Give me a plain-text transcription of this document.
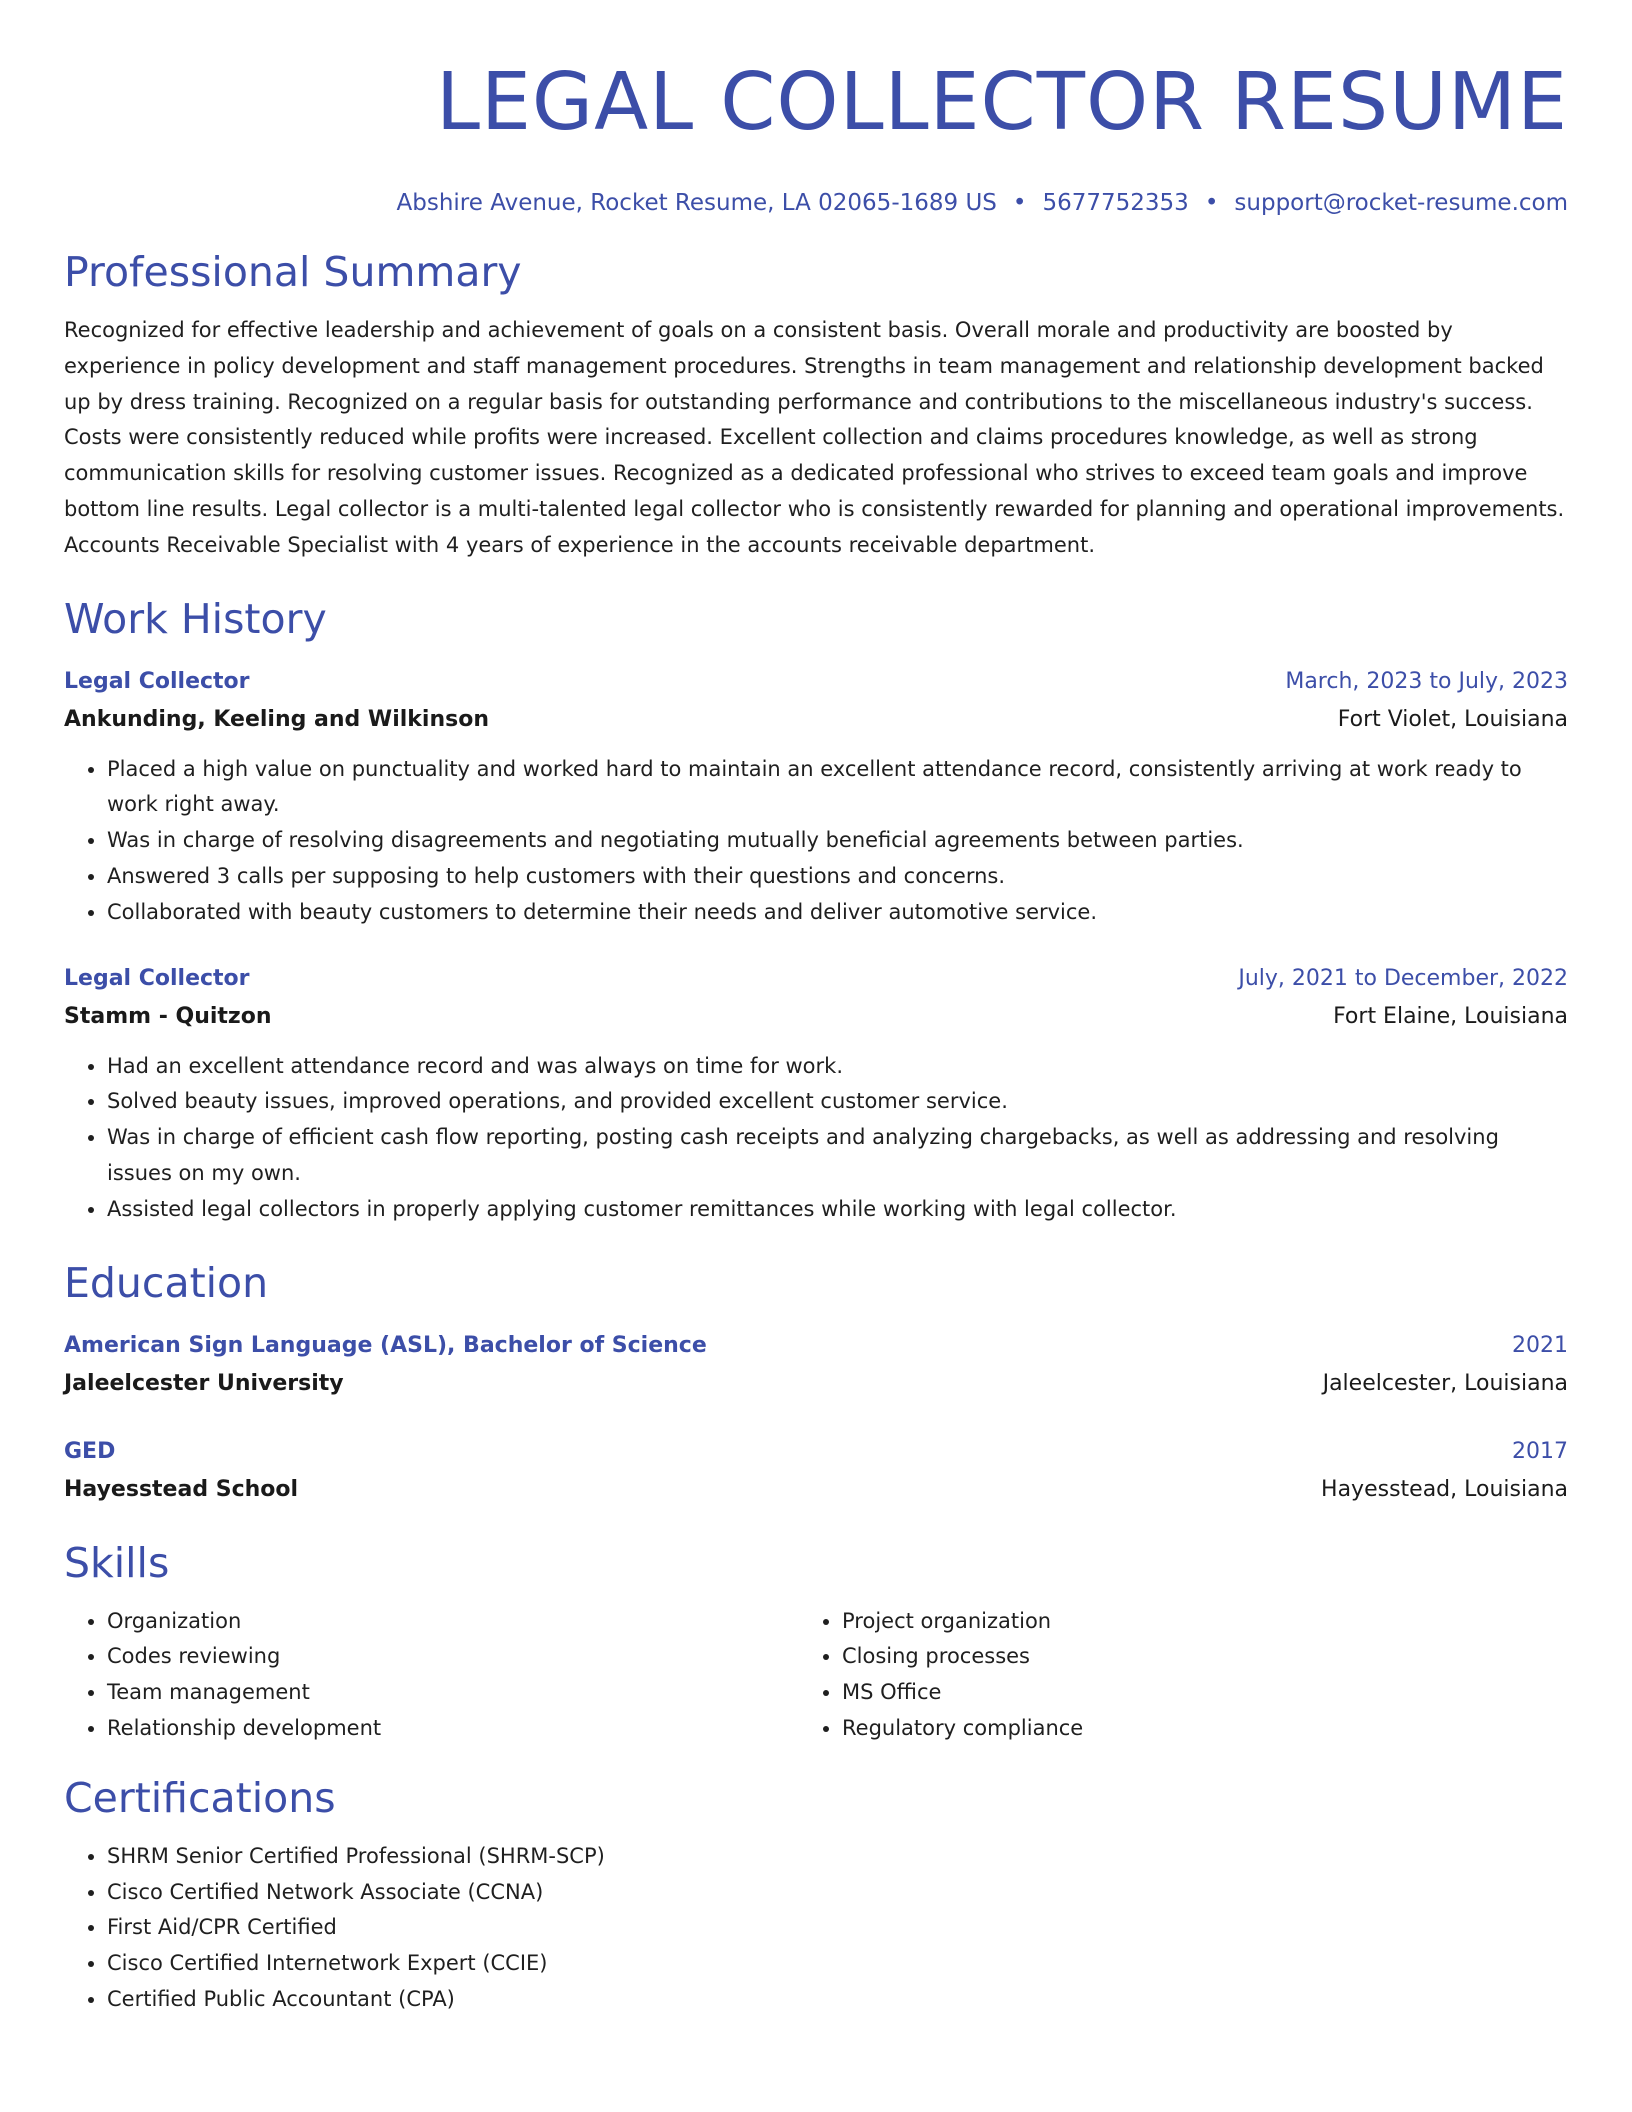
LEGAL COLLECTOR RESUME
Abshire Avenue, Rocket Resume, LA 02065-1689 US • 5677752353 • support@rocket-resume.com
Professional Summary

Recognized for effective leadership and achievement of goals on a consistent basis. Overall morale and productivity are boosted by experience in policy development and staff management procedures. Strengths in team management and relationship development backed up by dress training. Recognized on a regular basis for outstanding performance and contributions to the miscellaneous industry's success. Costs were consistently reduced while profits were increased. Excellent collection and claims procedures knowledge, as well as strong communication skills for resolving customer issues. Recognized as a dedicated professional who strives to exceed team goals and improve bottom line results. Legal collector is a multi-talented legal collector who is consistently rewarded for planning and operational improvements. Accounts Receivable Specialist with 4 years of experience in the accounts receivable department.

Work History
Legal Collector	March, 2023 to July, 2023
Ankunding, Keeling and Wilkinson	Fort Violet, Louisiana
• Placed a high value on punctuality and worked hard to maintain an excellent attendance record, consistently arriving at work ready to work right away.
• Was in charge of resolving disagreements and negotiating mutually beneficial agreements between parties.
• Answered 3 calls per supposing to help customers with their questions and concerns.
• Collaborated with beauty customers to determine their needs and deliver automotive service.
Legal Collector	July, 2021 to December, 2022
Stamm - Quitzon	Fort Elaine, Louisiana
• Had an excellent attendance record and was always on time for work.
• Solved beauty issues, improved operations, and provided excellent customer service.
• Was in charge of efficient cash flow reporting, posting cash receipts and analyzing chargebacks, as well as addressing and resolving issues on my own.
• Assisted legal collectors in properly applying customer remittances while working with legal collector.
Education
American Sign Language (ASL), Bachelor of Science	2021
Jaleelcester University	Jaleelcester, Louisiana
GED	2017
Hayesstead School	Hayesstead, Louisiana
Skills
• Organization
• Codes reviewing
• Team management
• Relationship development
• Project organization
• Closing processes
• MS Office
• Regulatory compliance
Certifications
• SHRM Senior Certified Professional (SHRM-SCP)
• Cisco Certified Network Associate (CCNA)
• First Aid/CPR Certified
• Cisco Certified Internetwork Expert (CCIE)
• Certified Public Accountant (CPA)
